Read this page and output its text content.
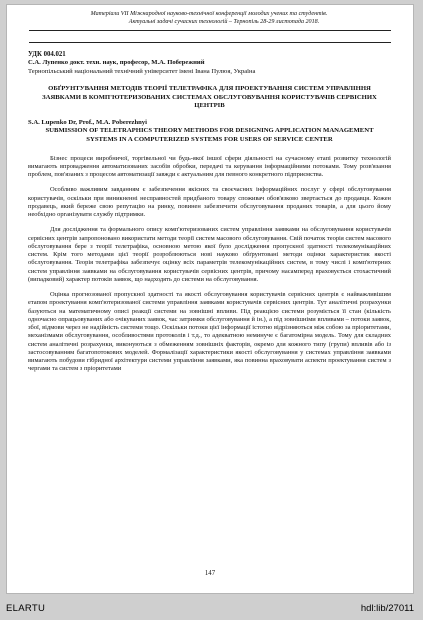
Матеріали VII Міжнародної науково-технічної конференції молодих учених та студентів.
Актуальні задачі сучасних технологій – Тернопіль 28-29 листопада 2018.
УДК 004.021
С.А. Лупенко докт. техн. наук, професор, М.А. Побережний
Тернопільський національний технічний університет імені Івана Пулюя, Україна
ОБҐРУНТУВАННЯ МЕТОДІВ ТЕОРІЇ ТЕЛЕТРАФІКА ДЛЯ ПРОЕКТУВАННЯ СИСТЕМ УПРАВЛІННЯ ЗАЯВКАМИ В КОМП'ЮТЕРИЗОВАНИХ СИСТЕМАХ ОБСЛУГОВУВАННЯ КОРИСТУВАЧІВ СЕРВІСНИХ ЦЕНТРІВ
S.A. Lupenko Dr, Prof., M.A. Poberezhnyi
SUBMISSION OF TELETRAPHICS THEORY METHODS FOR DESIGNING APPLICATION MANAGEMENT SYSTEMS IN A COMPUTERIZED SYSTEMS FOR USERS OF SERVICE CENTER

Бізнес процеси виробничої, торгівельної чи будь-якої іншої сфери діяльності на сучасному етапі розвитку технологій вимагають впровадження автоматизованих засобів обробки, передачі та керування інформаційними потоками. Тому розв'язання проблем, пов'язаних з процесом автоматизації завжди є актуальним для певного конкретного підприємства.

Особливо важливим завданням є забезпечення якісних та своєчасних інформаційних послуг у сфері обслуговування користувачів, оскільки при виникненні несправностей придбаного товару споживач обов'язково звертається до продавця. Кожен продавець, який береже свою репутацію на ринку, повинен забезпечити обслуговування проданих товарів, а для цього йому необхідно організувати службу підтримки.

Для дослідження та формального опису комп'ютеризованих систем управління заявками на обслуговування користувачів сервісних центрів запропоновано використати методи теорії систем масового обслуговування. Свій початок теорія систем масового обслуговування бере з теорії телетрафіка, основною метою якої було дослідження пропускної здатності телекомунікаційних систем. Крім того методами цієї теорії розроблюються нові науково обґрунтовані методи оцінки характеристик якості обслуговування. Теорія телетрафіка забезпечує оцінку всіх параметрів телекомунікаційних систем, в тому числі і комп'ютерних систем управління заявками на обслуговування користувачів сервісних центрів, причому насамперед враховується стохастичний (випадковий) характер потоків заявок, що надходять до системи на обслуговування.

Оцінка прогнозованої пропускної здатності та якості обслуговування користувачів сервісних центрів є найважливішим етапом проектування комп'ютеризованої системи управління заявками користувачів сервісних центрів. Тут аналітичні розрахунки базуються на математичному описі реакції системи на зовнішні впливи. Під реакцією системи розуміється її стан (кількість одночасно опрацьовуваних або очікуваних заявок, час затримки обслуговування й ін.), а під зовнішніми впливами – потоки заявок, збої, відмови через не надійність системи тощо. Оскільки потоки цієї інформації істотно відрізняються між собою за пріоритетами, механізмами обслуговування, особливостями протоколів і т.д., то адекватною неминуче є багатомірна модель. Тому для складних систем аналітичні розрахунки, виконуються з обмеженням зовнішніх факторів, окремо для кожного типу (групи) впливів або із застосовуванням багатопотокових моделей. Формалізації характеристики якості обслуговування у системах управління заявками вимагають побудови гібридної архітектури системи управління заявками, яка повинна враховувати аспекти проектування систем з чергами та систем з пріоритетами

147
ELARTU	hdl:lib/27011
